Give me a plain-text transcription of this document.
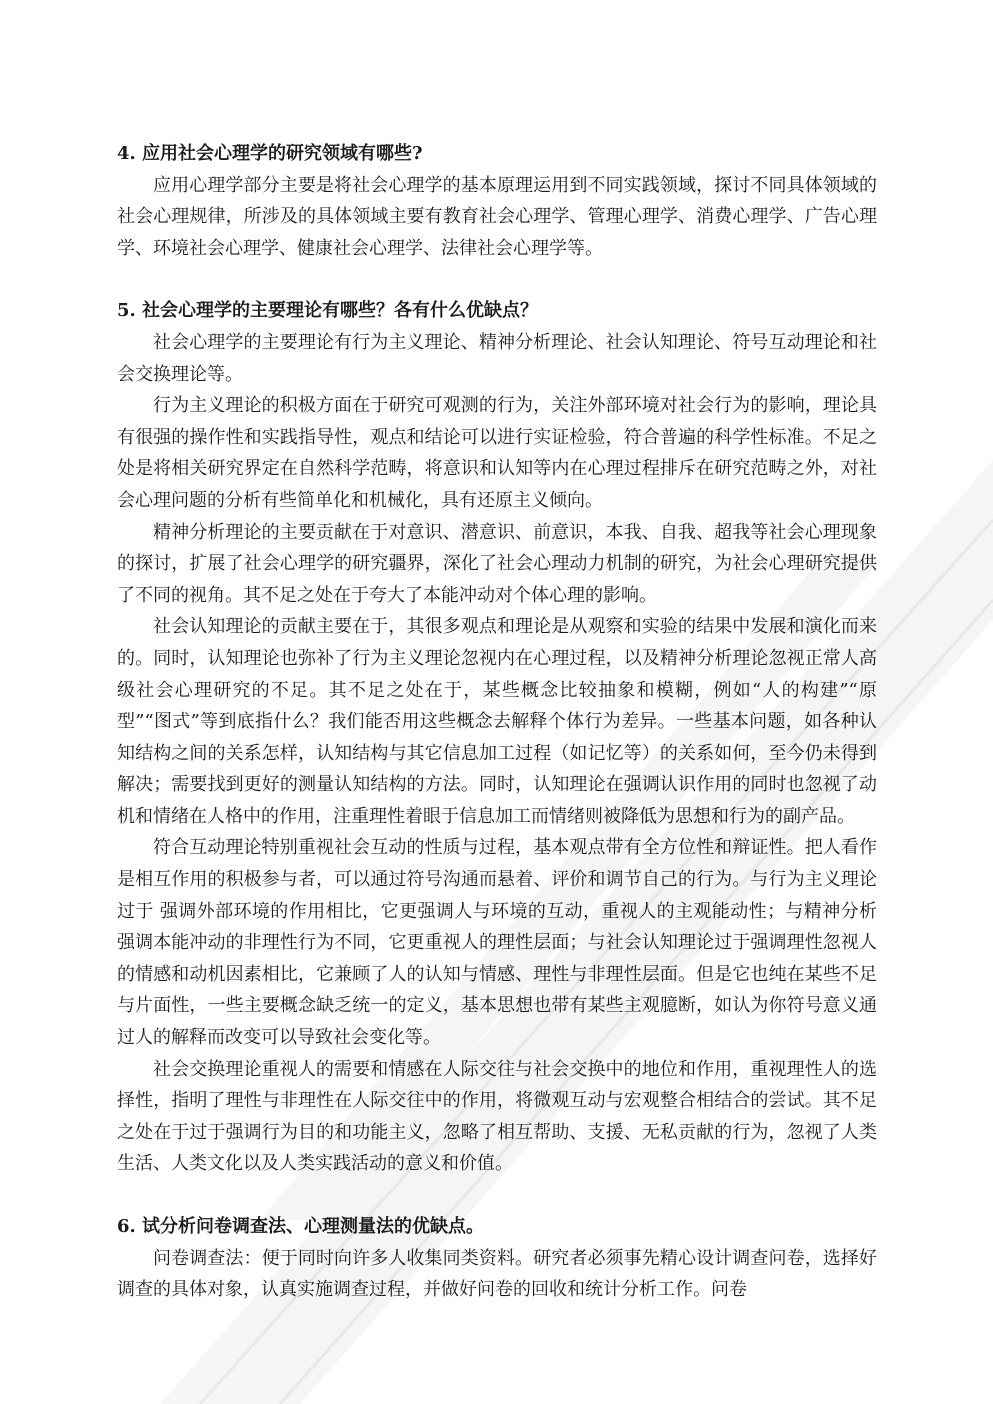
4. 应用社会心理学的研究领域有哪些?

应用心理学部分主要是将社会心理学的基本原理运用到不同实践领域，探讨不同具体领域的社会心理规律，所涉及的具体领域主要有教育社会心理学、管理心理学、消费心理学、广告心理学、环境社会心理学、健康社会心理学、法律社会心理学等。

5. 社会心理学的主要理论有哪些？各有什么优缺点？

社会心理学的主要理论有行为主义理论、精神分析理论、社会认知理论、符号互动理论和社会交换理论等。

行为主义理论的积极方面在于研究可观测的行为，关注外部环境对社会行为的影响，理论具有很强的操作性和实践指导性，观点和结论可以进行实证检验，符合普遍的科学性标准。不足之处是将相关研究界定在自然科学范畴，将意识和认知等内在心理过程排斥在研究范畴之外，对社会心理问题的分析有些简单化和机械化，具有还原主义倾向。

精神分析理论的主要贡献在于对意识、潜意识、前意识，本我、自我、超我等社会心理现象的探讨，扩展了社会心理学的研究疆界，深化了社会心理动力机制的研究，为社会心理研究提供了不同的视角。其不足之处在于夸大了本能冲动对个体心理的影响。

社会认知理论的贡献主要在于，其很多观点和理论是从观察和实验的结果中发展和演化而来的。同时，认知理论也弥补了行为主义理论忽视内在心理过程，以及精神分析理论忽视正常人高级社会心理研究的不足。其不足之处在于，某些概念比较抽象和模糊，例如“人的构建”“原型”“图式”等到底指什么？我们能否用这些概念去解释个体行为差异。一些基本问题，如各种认知结构之间的关系怎样，认知结构与其它信息加工过程（如记忆等）的关系如何，至今仍未得到解决；需要找到更好的测量认知结构的方法。同时，认知理论在强调认识作用的同时也忽视了动机和情绪在人格中的作用，注重理性着眼于信息加工而情绪则被降低为思想和行为的副产品。

符合互动理论特别重视社会互动的性质与过程，基本观点带有全方位性和辩证性。把人看作是相互作用的积极参与者，可以通过符号沟通而悬着、评价和调节自己的行为。与行为主义理论过于 强调外部环境的作用相比，它更强调人与环境的互动，重视人的主观能动性；与精神分析强调本能冲动的非理性行为不同，它更重视人的理性层面；与社会认知理论过于强调理性忽视人的情感和动机因素相比，它兼顾了人的认知与情感、理性与非理性层面。但是它也纯在某些不足与片面性，一些主要概念缺乏统一的定义，基本思想也带有某些主观臆断，如认为你符号意义通过人的解释而改变可以导致社会变化等。

社会交换理论重视人的需要和情感在人际交往与社会交换中的地位和作用，重视理性人的选择性，指明了理性与非理性在人际交往中的作用，将微观互动与宏观整合相结合的尝试。其不足之处在于过于强调行为目的和功能主义，忽略了相互帮助、支援、无私贡献的行为，忽视了人类生活、人类文化以及人类实践活动的意义和价值。

6. 试分析问卷调查法、心理测量法的优缺点。

问卷调查法：便于同时向许多人收集同类资料。研究者必须事先精心设计调查问卷，选择好调查的具体对象，认真实施调查过程，并做好问卷的回收和统计分析工作。问卷
